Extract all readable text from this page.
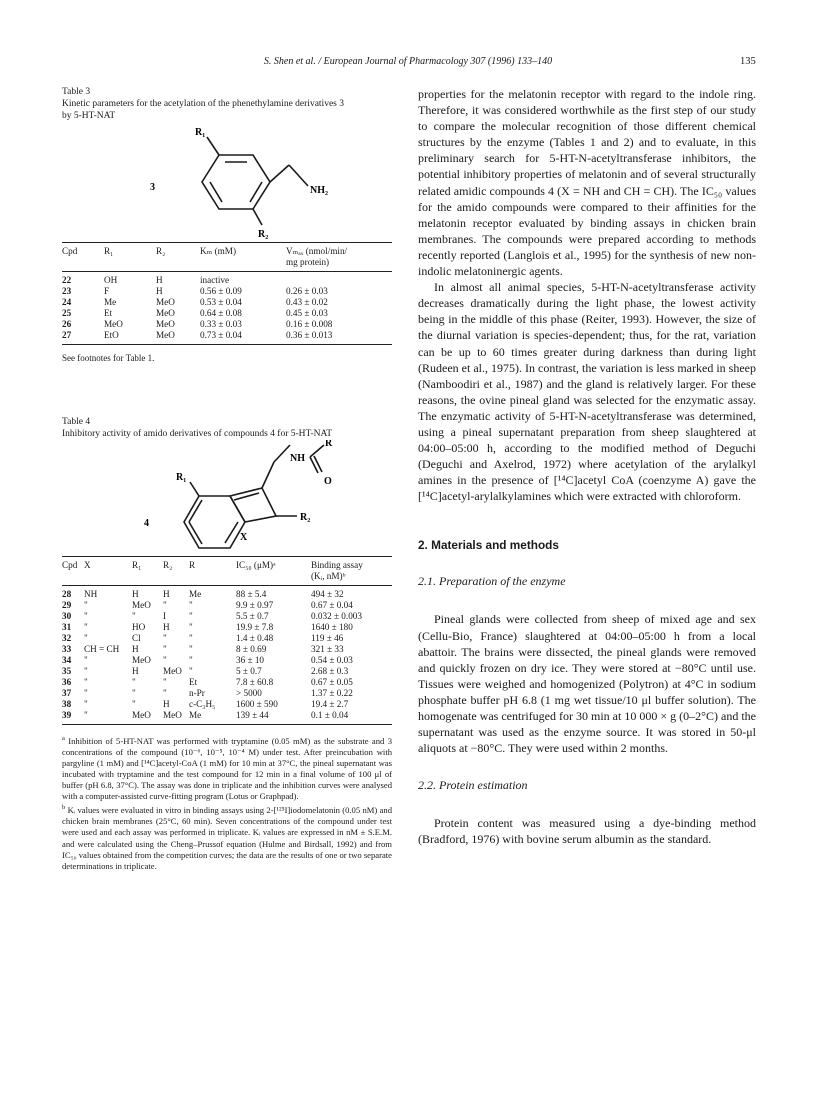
S. Shen et al. / European Journal of Pharmacology 307 (1996) 133–140	135
Table 3
Kinetic parameters for the acetylation of the phenethylamine derivatives 3
by 5-HT-NAT
R₁
3	NH₂
R₂
Cpd	R₁	R₂	Kₘ (mM)	Vₘₐₓ (nmol/min/
mg protein)
22	OH	H	inactive	
23	F	H	0.56 ± 0.09	0.26 ± 0.03
24	Me	MeO	0.53 ± 0.04	0.43 ± 0.02
25	Et	MeO	0.64 ± 0.08	0.45 ± 0.03
26	MeO	MeO	0.33 ± 0.03	0.16 ± 0.008
27	EtO	MeO	0.73 ± 0.04	0.36 ± 0.013
See footnotes for Table 1.
Table 4
Inhibitory activity of amido derivatives of compounds 4 for 5-HT-NAT
NH
R
O
R₁
R₂
X
4
Cpd	X	R₁	R₂	R	IC₅₀ (μM)ᵃ	Binding assay
(Kᵢ, nM)ᵇ
28	NH	H	H	Me	88 ± 5.4	494 ± 32
29	"	MeO	"	"	9.9 ± 0.97	0.67 ± 0.04
30	"	"	I	"	5.5 ± 0.7	0.032 ± 0.003
31	"	HO	H	"	19.9 ± 7.8	1640 ± 180
32	"	Cl	"	"	1.4 ± 0.48	119 ± 46
33	CH = CH	H	"	"	8 ± 0.69	321 ± 33
34	"	MeO	"	"	36 ± 10	0.54 ± 0.03
35	"	H	MeO	"	5 ± 0.7	2.68 ± 0.3
36	"	"	"	Et	7.8 ± 60.8	0.67 ± 0.05
37	"	"	"	n-Pr	> 5000	1.37 ± 0.22
38	"	"	H	c-C₃H₅	1600 ± 590	19.4 ± 2.7
39	"	MeO	MeO	Me	139 ± 44	0.1 ± 0.04

$^a$ Inhibition of 5-HT-NAT was performed with tryptamine (0.05 mM) as the substrate and 3 concentrations of the compound (10⁻⁶, 10⁻⁵, 10⁻⁴ M) under test. After preincubation with pargyline (1 mM) and [¹⁴C]acetyl-CoA (1 mM) for 10 min at 37°C, the pineal supernatant was incubated with tryptamine and the test compound for 12 min in a final volume of 100 μl of buffer (pH 6.8, 37°C). The assay was done in triplicate and the inhibition curves were analysed with a computer-assisted curve-fitting program (Lotus or Graphpad).

$^b$ Kᵢ values were evaluated in vitro in binding assays using 2-[¹²⁵I]iodomelatonin (0.05 nM) and chicken brain membranes (25°C, 60 min). Seven concentrations of the compound under test were used and each assay was performed in triplicate. Kᵢ values are expressed in nM ± S.E.M. and were calculated using the Cheng–Prussof equation (Hulme and Birdsall, 1992) and from IC₅₀ values obtained from the competition curves; the data are the results of one or two separate determinations in triplicate.

properties for the melatonin receptor with regard to the indole ring. Therefore, it was considered worthwhile as the first step of our study to compare the molecular recognition of those different chemical structures by the enzyme (Tables 1 and 2) and to evaluate, in this preliminary search for 5-HT-N-acetyltransferase inhibitors, the potential inhibitory properties of melatonin and of several structurally related amidic compounds 4 (X = NH and CH = CH). The IC₅₀ values for the amido compounds were compared to their affinities for the melatonin receptor evaluated by binding assays in chicken brain membranes. The compounds were prepared according to methods recently reported (Langlois et al., 1995) for the synthesis of new non-indolic melatoninergic agents.

In almost all animal species, 5-HT-N-acetyltransferase activity decreases dramatically during the light phase, the lowest activity being in the middle of this phase (Reiter, 1993). However, the size of the diurnal variation is species-dependent; thus, for the rat, variation can be up to 60 times greater during darkness than during light (Rudeen et al., 1975). In contrast, the variation is less marked in sheep (Namboodiri et al., 1987) and the gland is relatively larger. For these reasons, the ovine pineal gland was selected for the enzymatic assay. The enzymatic activity of 5-HT-N-acetyltransferase was determined, using a pineal supernatant preparation from sheep slaughtered at 04:00–05:00 h, according to the modified method of Deguchi (Deguchi and Axelrod, 1972) where acetylation of the arylalkyl amines in the presence of [¹⁴C]acetyl CoA (coenzyme A) gave the [¹⁴C]acetyl-arylalkylamines which were extracted with chloroform.

2. Materials and methods
2.1. Preparation of the enzyme

Pineal glands were collected from sheep of mixed age and sex (Cellu-Bio, France) slaughtered at 04:00–05:00 h from a local abattoir. The brains were dissected, the pineal glands were removed and quickly frozen on dry ice. They were stored at −80°C until use. Tissues were weighed and homogenized (Polytron) at 4°C in sodium phosphate buffer pH 6.8 (1 mg wet tissue/10 μl buffer solution). The homogenate was centrifuged for 30 min at 10 000 × g (0–2°C) and the supernatant was used as the enzyme source. It was stored in 50-μl aliquots at −80°C. They were used within 2 months.

2.2. Protein estimation

Protein content was measured using a dye-binding method (Bradford, 1976) with bovine serum albumin as the standard.
